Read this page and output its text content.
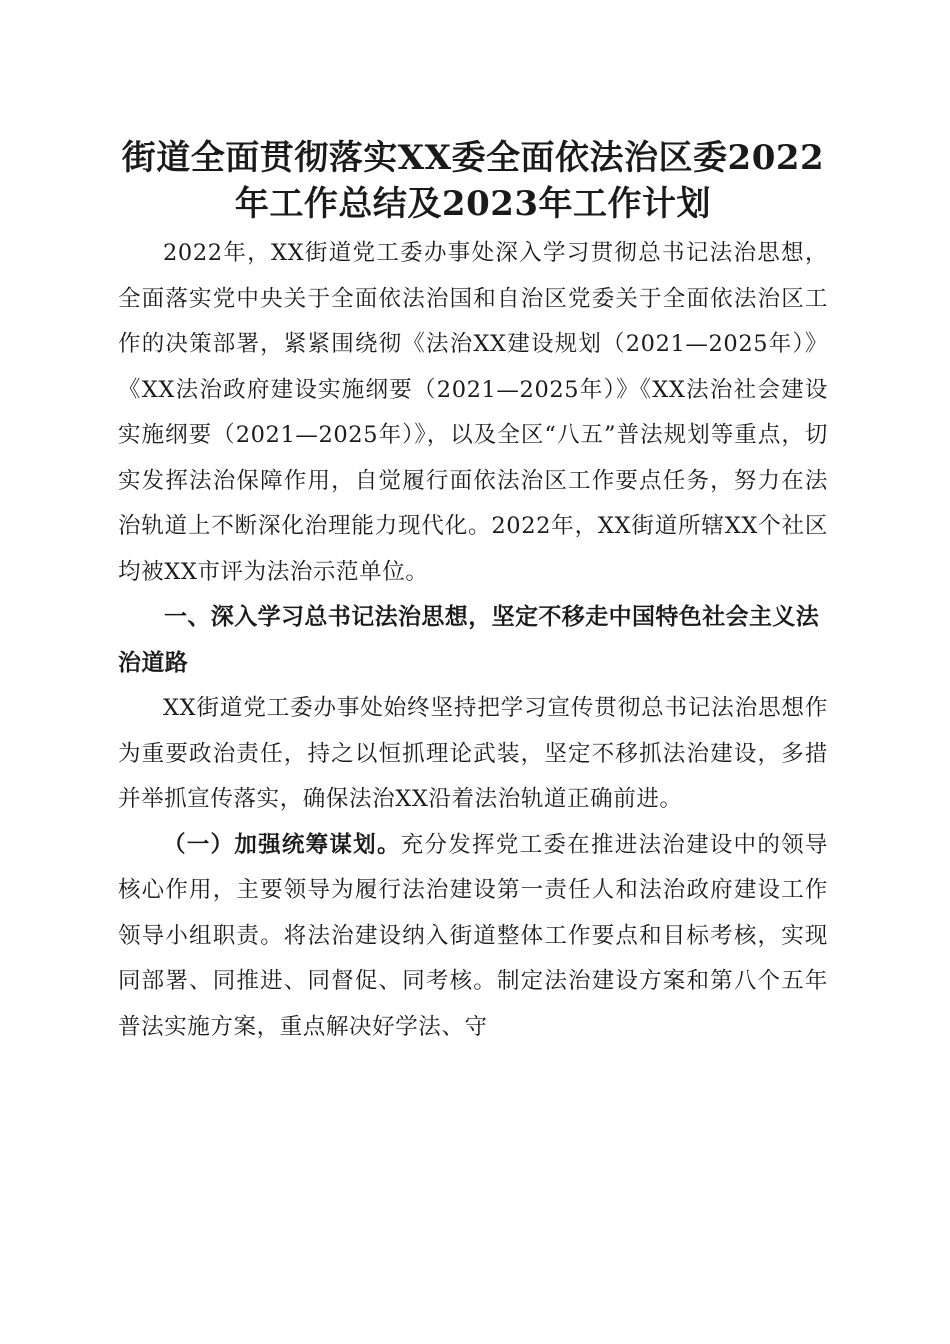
街道全面贯彻落实XX委全面依法治区委2022年工作总结及2023年工作计划

2022年，XX街道党工委办事处深入学习贯彻总书记法治思想，全面落实党中央关于全面依法治国和自治区党委关于全面依法治区工作的决策部署，紧紧围绕彻《法治XX建设规划（2021—2025年）》《XX法治政府建设实施纲要（2021—2025年）》《XX法治社会建设实施纲要（2021—2025年）》，以及全区“八五”普法规划等重点，切实发挥法治保障作用，自觉履行面依法治区工作要点任务，努力在法治轨道上不断深化治理能力现代化。2022年，XX街道所辖XX个社区均被XX市评为法治示范单位。

一、深入学习总书记法治思想，坚定不移走中国特色社会主义法治道路

XX街道党工委办事处始终坚持把学习宣传贯彻总书记法治思想作为重要政治责任，持之以恒抓理论武装，坚定不移抓法治建设，多措并举抓宣传落实，确保法治XX沿着法治轨道正确前进。

（一）加强统筹谋划。充分发挥党工委在推进法治建设中的领导核心作用，主要领导为履行法治建设第一责任人和法治政府建设工作领导小组职责。将法治建设纳入街道整体工作要点和目标考核，实现同部署、同推进、同督促、同考核。制定法治建设方案和第八个五年普法实施方案，重点解决好学法、守
